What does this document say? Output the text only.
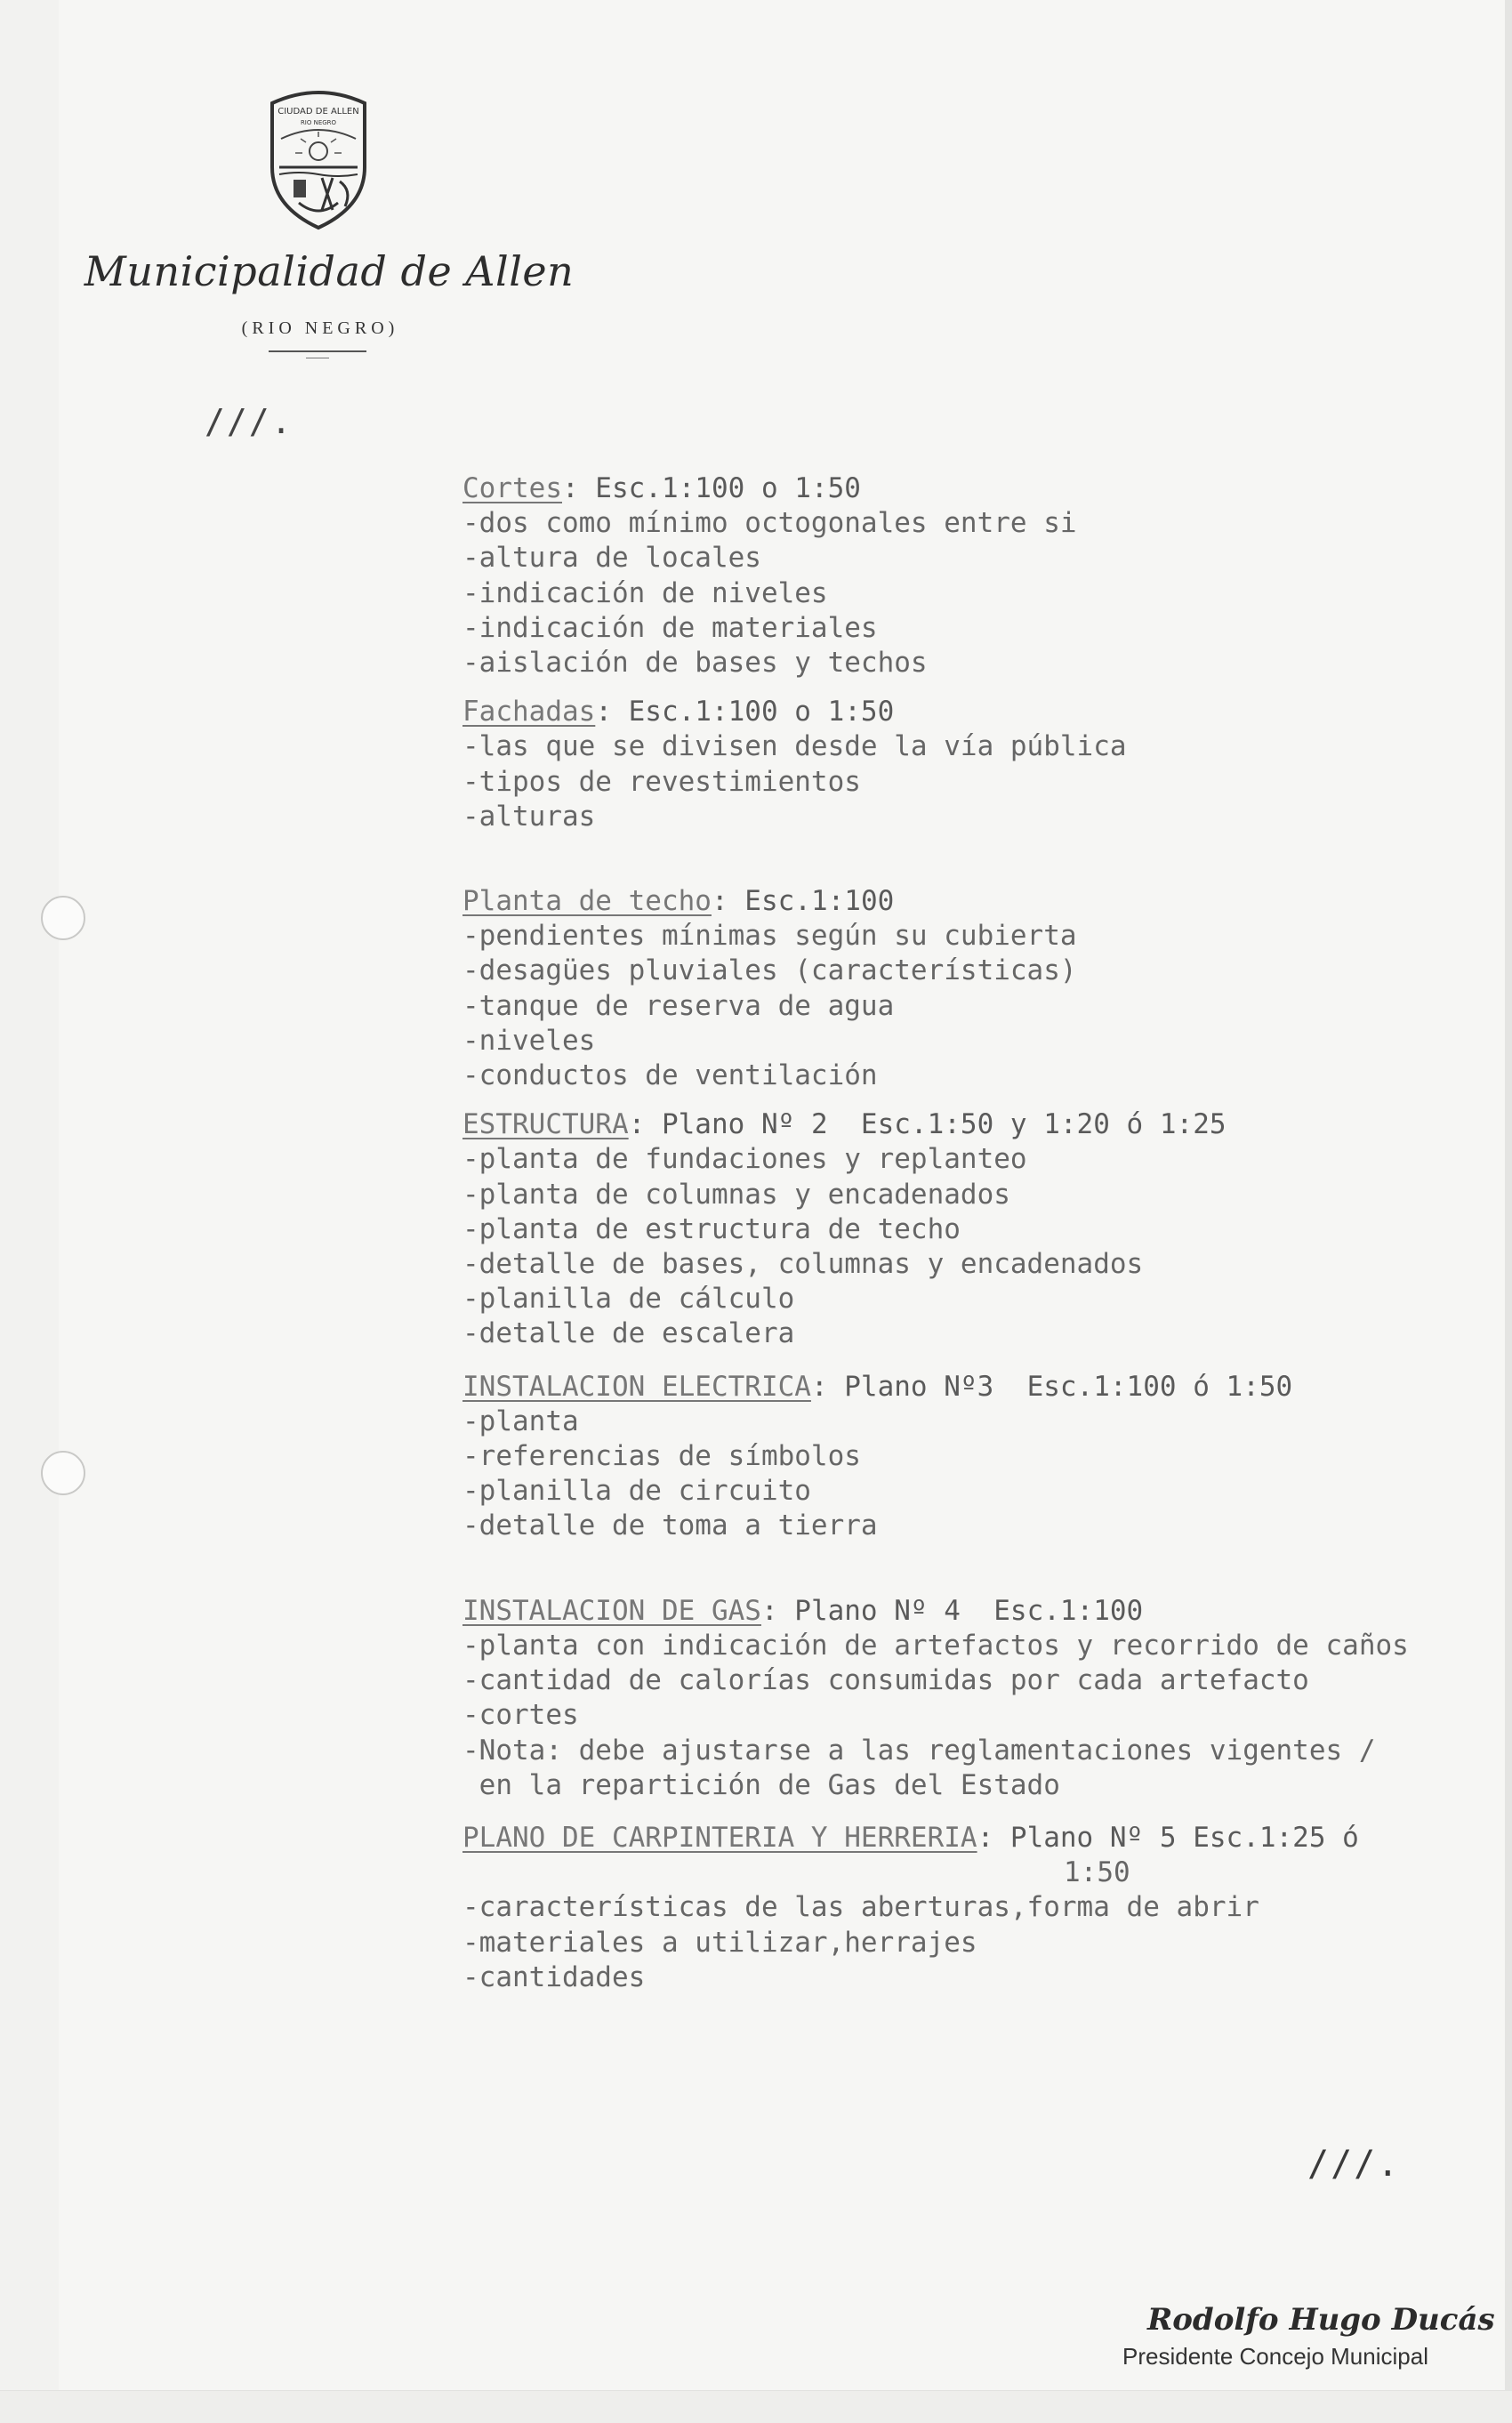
CIUDAD DE ALLEN
RIO NEGRO
Municipalidad de Allen
(RIO NEGRO)
///.
Cortes: Esc.1:100 o 1:50
-dos como mínimo octogonales entre si
-altura de locales
-indicación de niveles
-indicación de materiales
-aislación de bases y techos
Fachadas: Esc.1:100 o 1:50
-las que se divisen desde la vía pública
-tipos de revestimientos
-alturas
Planta de techo: Esc.1:100
-pendientes mínimas según su cubierta
-desagües pluviales (características)
-tanque de reserva de agua
-niveles
-conductos de ventilación
ESTRUCTURA: Plano Nº 2  Esc.1:50 y 1:20 ó 1:25
-planta de fundaciones y replanteo
-planta de columnas y encadenados
-planta de estructura de techo
-detalle de bases, columnas y encadenados
-planilla de cálculo
-detalle de escalera
INSTALACION ELECTRICA: Plano Nº3  Esc.1:100 ó 1:50
-planta
-referencias de símbolos
-planilla de circuito
-detalle de toma a tierra
INSTALACION DE GAS: Plano Nº 4  Esc.1:100
-planta con indicación de artefactos y recorrido de caños
-cantidad de calorías consumidas por cada artefacto
-cortes
-Nota: debe ajustarse a las reglamentaciones vigentes /
en la repartición de Gas del Estado
PLANO DE CARPINTERIA Y HERRERIA: Plano Nº 5 Esc.1:25 ó
1:50
-características de las aberturas,forma de abrir
-materiales a utilizar,herrajes
-cantidades
///.
Rodolfo Hugo Ducás
Presidente Concejo Municipal
